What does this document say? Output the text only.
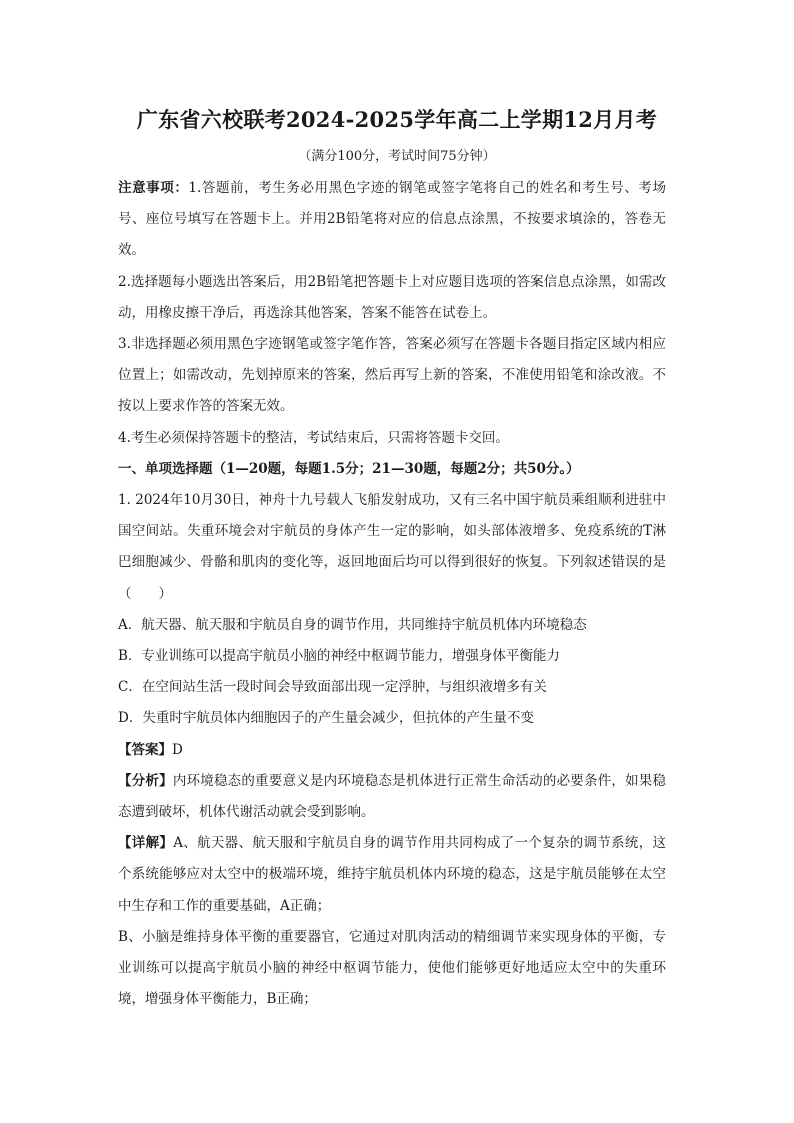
广东省六校联考2024-2025学年高二上学期12月月考

（满分100分，考试时间75分钟）

注意事项：1.答题前，考生务必用黑色字迹的钢笔或签字笔将自己的姓名和考生号、考场号、座位号填写在答题卡上。并用2B铅笔将对应的信息点涂黑，不按要求填涂的，答卷无效。

2.选择题每小题选出答案后，用2B铅笔把答题卡上对应题目选项的答案信息点涂黑，如需改动，用橡皮擦干净后，再选涂其他答案，答案不能答在试卷上。

3.非选择题必须用黑色字迹钢笔或签字笔作答，答案必须写在答题卡各题目指定区域内相应位置上；如需改动，先划掉原来的答案，然后再写上新的答案，不准使用铅笔和涂改液。不按以上要求作答的答案无效。

4.考生必须保持答题卡的整洁，考试结束后，只需将答题卡交回。

一、单项选择题（1—20题，每题1.5分；21—30题，每题2分；共50分。）

1. 2024年10月30日，神舟十九号载人飞船发射成功，又有三名中国宇航员乘组顺利进驻中国空间站。失重环境会对宇航员的身体产生一定的影响，如头部体液增多、免疫系统的T淋巴细胞减少、骨骼和肌肉的变化等，返回地面后均可以得到很好的恢复。下列叙述错误的是（　　）

A．航天器、航天服和宇航员自身的调节作用，共同维持宇航员机体内环境稳态

B．专业训练可以提高宇航员小脑的神经中枢调节能力，增强身体平衡能力

C．在空间站生活一段时间会导致面部出现一定浮肿，与组织液增多有关

D．失重时宇航员体内细胞因子的产生量会减少，但抗体的产生量不变

【答案】D

【分析】内环境稳态的重要意义是内环境稳态是机体进行正常生命活动的必要条件，如果稳态遭到破坏，机体代谢活动就会受到影响。

【详解】A、航天器、航天服和宇航员自身的调节作用共同构成了一个复杂的调节系统，这个系统能够应对太空中的极端环境，维持宇航员机体内环境的稳态，这是宇航员能够在太空中生存和工作的重要基础，A正确；

B、小脑是维持身体平衡的重要器官，它通过对肌肉活动的精细调节来实现身体的平衡，专业训练可以提高宇航员小脑的神经中枢调节能力，使他们能够更好地适应太空中的失重环境，增强身体平衡能力，B正确；
